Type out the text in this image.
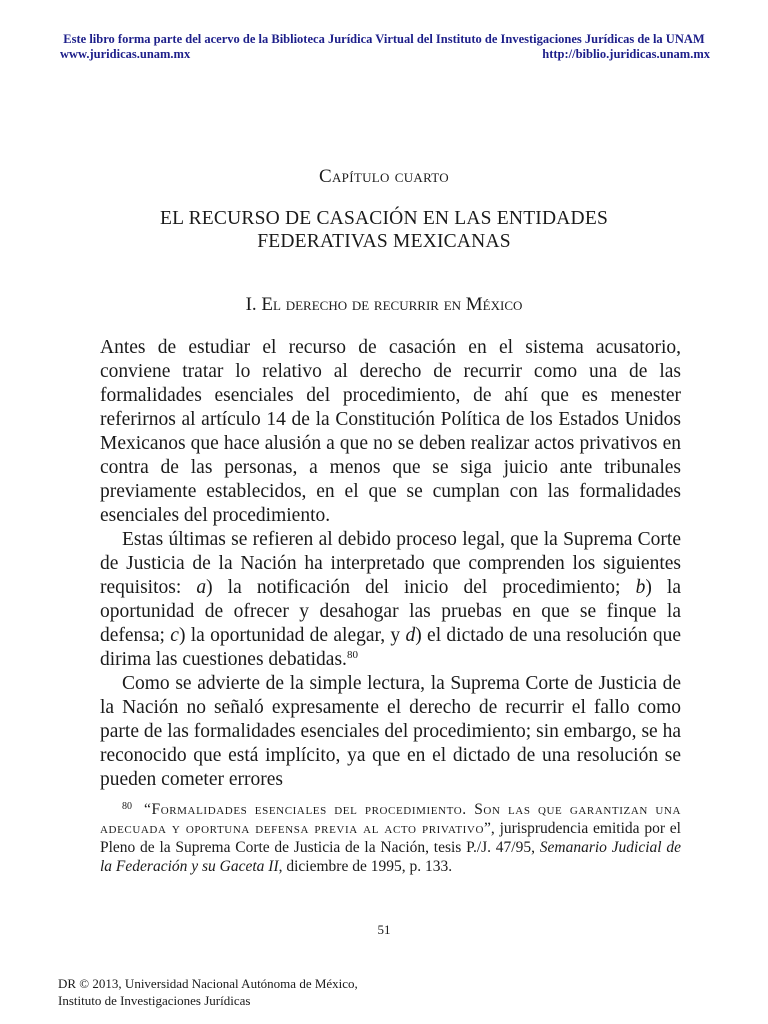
Este libro forma parte del acervo de la Biblioteca Jurídica Virtual del Instituto de Investigaciones Jurídicas de la UNAM
www.juridicas.unam.mx	http://biblio.juridicas.unam.mx
Capítulo cuarto
EL RECURSO DE CASACIÓN EN LAS ENTIDADES
FEDERATIVAS MEXICANAS
I. El derecho de recurrir en México

Antes de estudiar el recurso de casación en el sistema acusatorio, conviene tratar lo relativo al derecho de recurrir como una de las formalidades esenciales del procedimiento, de ahí que es menester referirnos al artículo 14 de la Constitución Política de los Estados Unidos Mexicanos que hace alusión a que no se deben realizar actos privativos en contra de las personas, a menos que se siga juicio ante tribunales previamente establecidos, en el que se cumplan con las formalidades esenciales del procedimiento.

Estas últimas se refieren al debido proceso legal, que la Suprema Corte de Justicia de la Nación ha interpretado que comprenden los siguientes requisitos: a) la notificación del inicio del procedimiento; b) la oportunidad de ofrecer y desahogar las pruebas en que se finque la defensa; c) la oportunidad de alegar, y d) el dictado de una resolución que dirima las cuestiones debatidas.$^{80}$

Como se advierte de la simple lectura, la Suprema Corte de Justicia de la Nación no señaló expresamente el derecho de recurrir el fallo como parte de las formalidades esenciales del procedimiento; sin embargo, se ha reconocido que está implícito, ya que en el dictado de una resolución se pueden cometer errores

$^{80}$ “Formalidades esenciales del procedimiento. Son las que garantizan una adecuada y oportuna defensa previa al acto privativo”, jurisprudencia emitida por el Pleno de la Suprema Corte de Justicia de la Nación, tesis P./J. 47/95, Semanario Judicial de la Federación y su Gaceta II, diciembre de 1995, p. 133.

51
DR © 2013, Universidad Nacional Autónoma de México,
Instituto de Investigaciones Jurídicas
